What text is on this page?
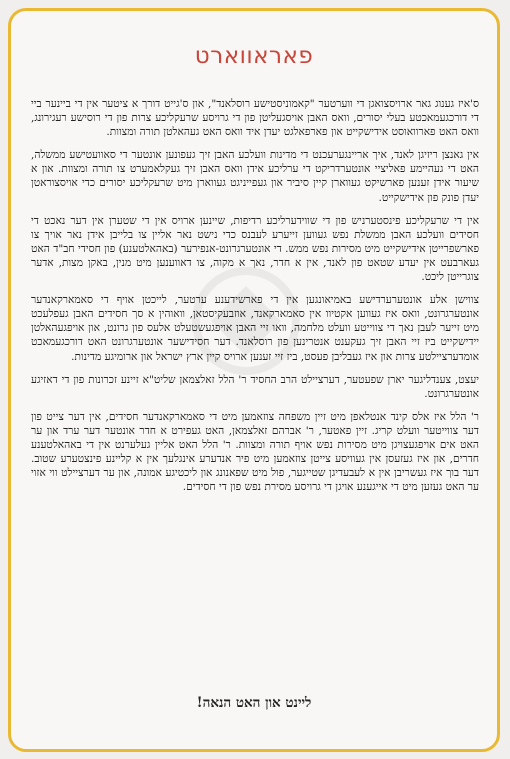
פאראווארט

ס'איז גענוג גאר ארויסצואגן די ווערטער "קאמוניסטישע רוסלאנד", און ס'גייט דורך א ציטער אין די ביינער ביי די דורכגעמאכטע בעלי יסורים, וואס האבן אויסגעליטן פון די גרויסע שרעקליכע צרות פון די רוסישע רעגירונג, וואס האט פארוואוסט אידישקייט און פארפאלגט יעדן איד וואס האט געהאלטן תורה ומצוות.

אין גאנצן ריזיגן לאנד, איך אריינגערעכנט די מדינות וועלכע האבן זיך געפונען אונטער די סאוועטישע ממשלה, האט די געהיימע פאליציי אונטערדריקט די ערליכע אידן וואס האבן זיך געקלאמערט צו תורה ומצוות. און א שיעור אידן זענען פארשיקט געווארן קיין סיביר און געפייניגט געווארן מיט שרעקליכע יסורים כדי אויסצוראטן יעדן פונק פון אידישקייט.

אין די שרעקליכע פינסטערניש פון די שווידערליכע רדיפות, שיינען ארויס אין די שטערן אין דער נאכט די חסידים וועלכע האבן ממשלת נפש געווען זייערע לעבנס כדי נישט נאר אליין צו בלייבן אידן נאר אויך צו פארשפרייטן אידישקייט מיט מסירות נפש ממש. די אונטערגרונט-אנפירער (באהאלטענע) פון חסידי חב"ד האט געארבעט אין יעדע שטאט פון לאנד, אין א חדר, נאך א מקוה, צו דאווענען מיט מנין, באקן מצות, אדער צוגרייטן ליכט.

צווישן אלע אונטערערדישע באמיאונגען אין די פארשידענע ערטער, לייכטן אויף די סאמארקאנדער אונטערגרונט, וואס איז געווען אקטיוו אין סאמארקאנד, אוזבעקיסטאן, וואוהין א סך חסידים האבן געפלעכט מיט זייער לעבן נאך די צווייטע וועלט מלחמה, וואו זיי האבן אויפגעשטעלט אלעס פון גרונט, און אויפגעהאלטן יידישקייט ביז זיי האבן זיך געקענט אנטרינען פון רוסלאנד. דער חסידישער אונטערגרונט האט דורכגעמאכט אומדערציילטע צרות און איז געבליבן פעסט, ביז זיי זענען ארויס קיין ארץ ישראל און ארומיגע מדינות.

יעצט, צענדליגער יארן שפעטער, דערציילט הרב החסיד ר' הלל זאלצמאן שליט"א זיינע זכרונות פון די דאזיגע אונטערגרונט.

ר' הלל איז אלס קינד אנטלאפן מיט זיין משפחה צוזאמען מיט די סאמארקאנדער חסידים, אין דער צייט פון דער צווייטער וועלט קריג. זיין פאטער, ר' אברהם זאלצמאן, האט געפירט א חדר אונטער דער ערד און ער האט אים אויפגעצויגן מיט מסירות נפש אויף תורה ומצוות. ר' הלל האט אליין געלערנט אין די באהאלטענע חדרים, און איז געזעסן אין געוויסע צייטן צוזאמען מיט פיר אנדערע אינגלעך אין א קליינע פינצטערע שטוב. דער בוך איז געשריבן אין א לעבעדיגן שטייגער, פול מיט שפאנונג און ליכטיגע אמונה, און ער דערציילט ווי אזוי ער האט געזען מיט די אייגענע אויגן די גרויסע מסירת נפש פון די חסידים.

ליינט און האט הנאה!
